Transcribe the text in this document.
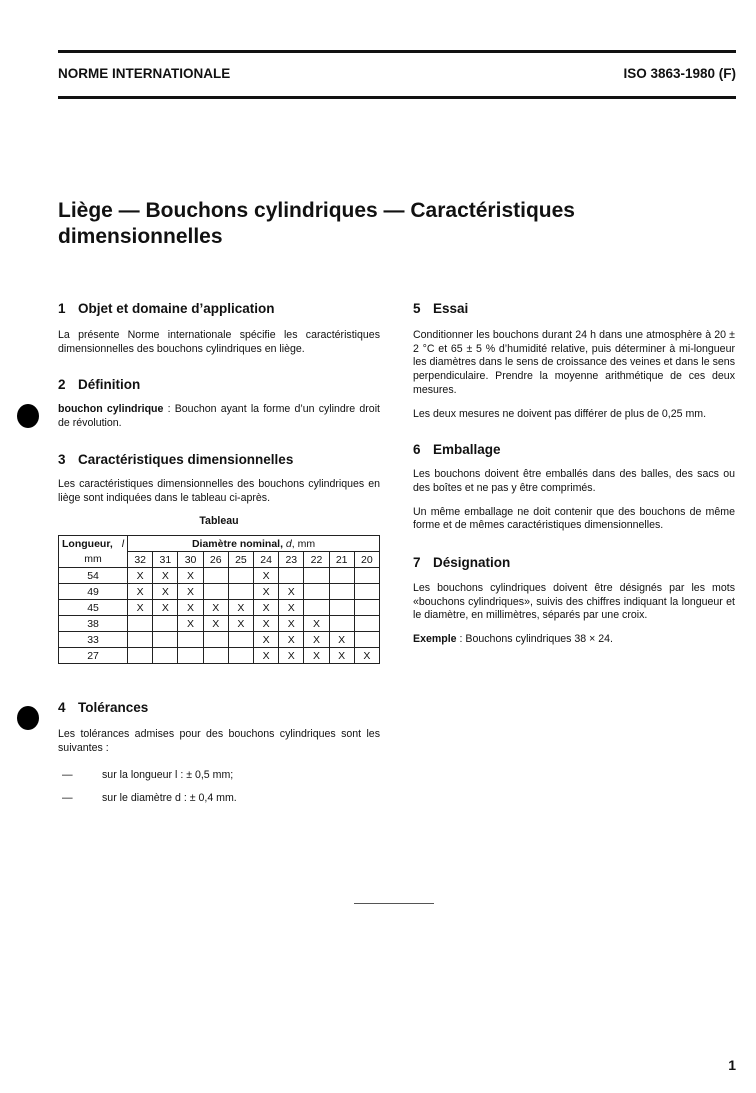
NORME INTERNATIONALE	ISO 3863-1980 (F)
Liège — Bouchons cylindriques — Caractéristiques
dimensionnelles
1 Objet et domaine d’application

La présente Norme internationale spécifie les caractéristiques dimensionnelles des bouchons cylindriques en liège.

2 Définition

bouchon cylindrique : Bouchon ayant la forme d’un cylindre droit de révolution.

3 Caractéristiques dimensionnelles

Les caractéristiques dimensionnelles des bouchons cylindriques en liège sont indiquées dans le tableau ci-après.

Tableau
Longueur, l	Diamètre nominal, d, mm									
mm	32	31	30	26	25	24	23	22	21	20
54	X	X	X			X				
49	X	X	X			X	X			
45	X	X	X	X	X	X	X			
38			X	X	X	X	X	X		
33						X	X	X	X	
27						X	X	X	X	X
4 Tolérances

Les tolérances admises pour des bouchons cylindriques sont les suivantes :

—	sur la longueur l : ± 0,5 mm;

—	sur le diamètre d : ± 0,4 mm.

5 Essai

Conditionner les bouchons durant 24 h dans une atmosphère à 20 ± 2 °C et 65 ± 5 % d’humidité relative, puis déterminer à mi-longueur les diamètres dans le sens de croissance des veines et dans le sens perpendiculaire. Prendre la moyenne arithmétique de ces deux mesures.

Les deux mesures ne doivent pas différer de plus de 0,25 mm.

6 Emballage

Les bouchons doivent être emballés dans des balles, des sacs ou des boîtes et ne pas y être comprimés.

Un même emballage ne doit contenir que des bouchons de même forme et de mêmes caractéristiques dimensionnelles.

7 Désignation

Les bouchons cylindriques doivent être désignés par les mots «bouchons cylindriques», suivis des chiffres indiquant la longueur et le diamètre, en millimètres, séparés par une croix.

Exemple : Bouchons cylindriques 38 × 24.

1
